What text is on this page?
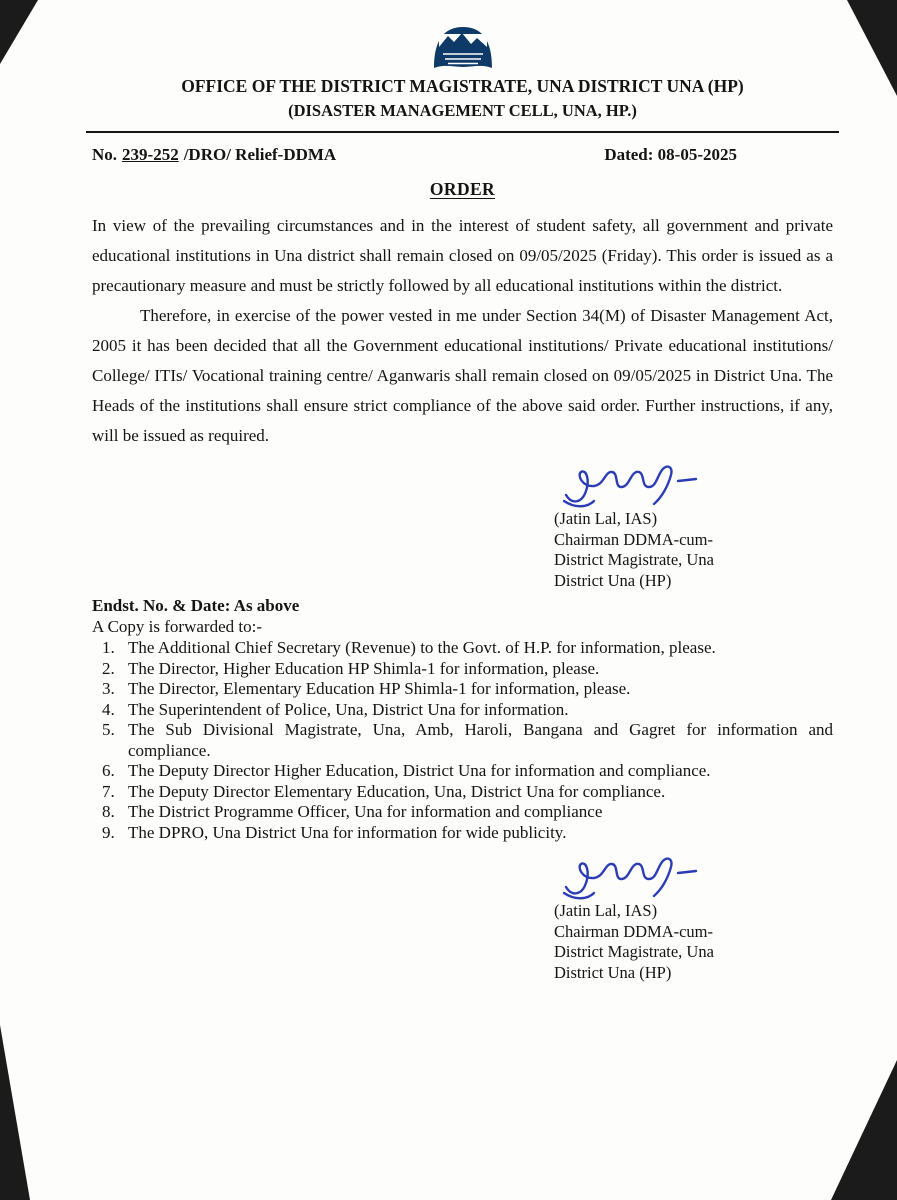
OFFICE OF THE DISTRICT MAGISTRATE, UNA DISTRICT UNA (HP)
(DISASTER MANAGEMENT CELL, UNA, HP.)
No. 239-252 /DRO/ Relief-DDMA	Dated: 08-05-2025
ORDER

In view of the prevailing circumstances and in the interest of student safety, all government and private educational institutions in Una district shall remain closed on 09/05/2025 (Friday). This order is issued as a precautionary measure and must be strictly followed by all educational institutions within the district.

Therefore, in exercise of the power vested in me under Section 34(M) of Disaster Management Act, 2005 it has been decided that all the Government educational institutions/ Private educational institutions/ College/ ITIs/ Vocational training centre/ Aganwaris shall remain closed on 09/05/2025 in District Una. The Heads of the institutions shall ensure strict compliance of the above said order. Further instructions, if any, will be issued as required.

(Jatin Lal, IAS)
Chairman DDMA-cum-
District Magistrate, Una
District Una (HP)
Endst. No. & Date: As above
A Copy is forwarded to:-
1. The Additional Chief Secretary (Revenue) to the Govt. of H.P. for information, please.
2. The Director, Higher Education HP Shimla-1 for information, please.
3. The Director, Elementary Education HP Shimla-1 for information, please.
4. The Superintendent of Police, Una, District Una for information.
5. The Sub Divisional Magistrate, Una, Amb, Haroli, Bangana and Gagret for information and compliance.
6. The Deputy Director Higher Education, District Una for information and compliance.
7. The Deputy Director Elementary Education, Una, District Una for compliance.
8. The District Programme Officer, Una for information and compliance
9. The DPRO, Una District Una for information for wide publicity.
(Jatin Lal, IAS)
Chairman DDMA-cum-
District Magistrate, Una
District Una (HP)
